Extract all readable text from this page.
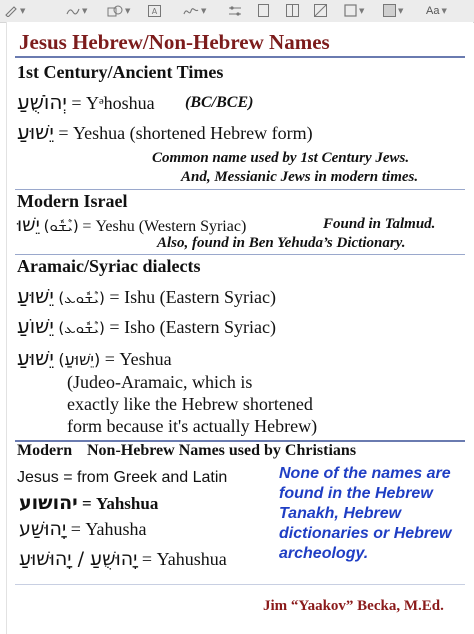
▼	▼	▼	A	▼	▼	▼ Aa ▼
Jesus Hebrew/Non-Hebrew Names
1st Century/Ancient Times
יְהוֹשֻׁעַ = Yᵊhoshua (BC/BCE)
יֵשׁוּעַ = Yeshua (shortened Hebrew form)
Common name used by 1st Century Jews.
And, Messianic Jews in modern times.
Modern Israel
יֵשׁוּ (ܝܶܫܽܘ) = Yeshu (Western Syriac)	Found in Talmud.
Also, found in Ben Yehuda’s Dictionary.
Aramaic/Syriac dialects
יֵשׁוּעַ (ܝܶܫܽܘܥ) = Ishu (Eastern Syriac)
יֵשׁוֹעַ (ܝܶܫܽܘܥ) = Isho (Eastern Syriac)
יֵשׁוּעַ (יֵשׁוּעַ) = Yeshua
(Judeo-Aramaic, which is
exactly like the Hebrew shortened
form because it's actually Hebrew)
Modern Non-Hebrew Names used by Christians
Jesus = from Greek and Latin
יהושוע = Yahshua
יָהוּשַׁע = Yahusha
יָהוּשֻׁעַ / יָהוּשׁוּעַ = Yahushua
None of the names are found in the Hebrew Tanakh, Hebrew dictionaries or Hebrew archeology.
Jim “Yaakov” Becka, M.Ed.
